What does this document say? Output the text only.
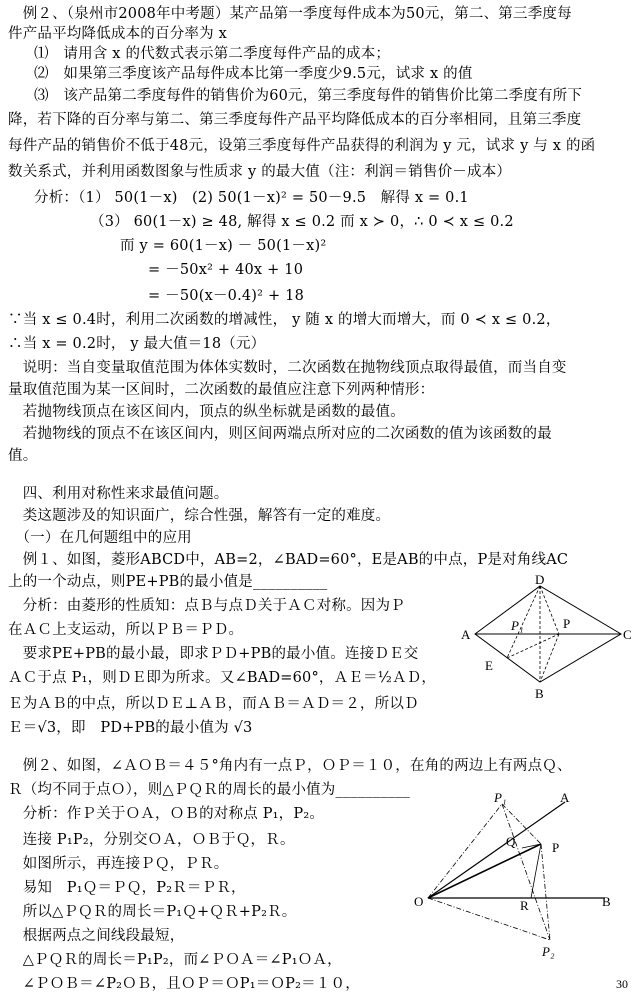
　例２、（泉州市2008年中考题）某产品第一季度每件成本为50元，第二、第三季度每
件产品平均降低成本的百分率为 x
⑴　请用含 x 的代数式表示第二季度每件产品的成本；
⑵　如果第三季度该产品每件成本比第一季度少9.5元，试求 x 的值
⑶　该产品第二季度每件的销售价为60元，第三季度每件的销售价比第二季度有所下
降，若下降的百分率与第二、第三季度每件产品平均降低成本的百分率相同，且第三季度
每件产品的销售价不低于48元，设第三季度每件产品获得的利润为 y 元，试求 y 与 x 的函
数关系式，并利用函数图象与性质求 y 的最大值（注：利润＝销售价－成本）
分析：（1） 50(1－x)   (2) 50(1－x)² = 50－9.5   解得 x = 0.1
（3） 60(1－x) ≥ 48, 解得 x ≤ 0.2 而 x ≻ 0，∴ 0 ≺ x ≤ 0.2
而 y = 60(1－x) － 50(1－x)²
= －50x² + 40x + 10
= －50(x－0.4)² + 18
∵当 x ≤ 0.4时，利用二次函数的增减性， y 随 x 的增大而增大，而 0 ≺ x ≤ 0.2，
∴当 x = 0.2时， y 最大值＝18（元）
　说明：当自变量取值范围为体体实数时，二次函数在抛物线顶点取得最值，而当自变
量取值范围为某一区间时，二次函数的最值应注意下列两种情形：
　若抛物线顶点在该区间内，顶点的纵坐标就是函数的最值。
　若抛物线的顶点不在该区间内，则区间两端点所对应的二次函数的值为该函数的最
值。
　四、利用对称性来求最值问题。
　类这题涉及的知识面广，综合性强，解答有一定的难度。
　（一）在几何题组中的应用
　例１、如图，菱形ABCD中，AB=2，∠BAD=60°，E是AB的中点，P是对角线AC
上的一个动点，则PE+PB的最小值是__________
　分析：由菱形的性质知：点Ｂ与点Ｄ关于ＡＣ对称。因为Ｐ
在ＡＣ上支运动，所以ＰＢ＝ＰＤ。
　要求PE+PB的最小最，即求ＰＤ+PB的最小值。连接ＤＥ交
ＡＣ于点 P₁，则ＤＥ即为所求。又∠BAD=60°，ＡＥ＝½ＡＤ，
Ｅ为ＡＢ的中点，所以ＤＥ⊥ＡＢ，而ＡＢ＝ＡＤ＝２，所以Ｄ
Ｅ＝√3，即　PD+PB的最小值为 √3
　例２、如图，∠ＡＯＢ＝４５°角内有一点Ｐ，ＯＰ＝１０，在角的两边上有两点Ｑ、
Ｒ（均不同于点Ｏ），则△ＰＱＲ的周长的最小值为__________
　分析：作Ｐ关于ＯＡ，ＯＢ的对称点 P₁，P₂。
　连接 P₁P₂，分别交ＯＡ，ＯＢ于Ｑ，Ｒ。
　如图所示，再连接ＰＱ，ＰＲ。
　易知　P₁Ｑ＝ＰＱ，P₂Ｒ＝ＰＲ，
　所以△ＰＱＲ的周长＝P₁Ｑ+ＱＲ+P₂Ｒ。
　根据两点之间线段最短，
　△ＰＱＲ的周长＝P₁P₂，而∠ＰＯＡ＝∠P₁ＯＡ，
　∠ＰＯＢ＝∠P₂ＯＢ，且ＯＰ＝ＯP₁＝ＯP₂＝１０，
A
B
C
D
E
P
P₁
O
A
B
P
Q
R
P₁
P₂
30
